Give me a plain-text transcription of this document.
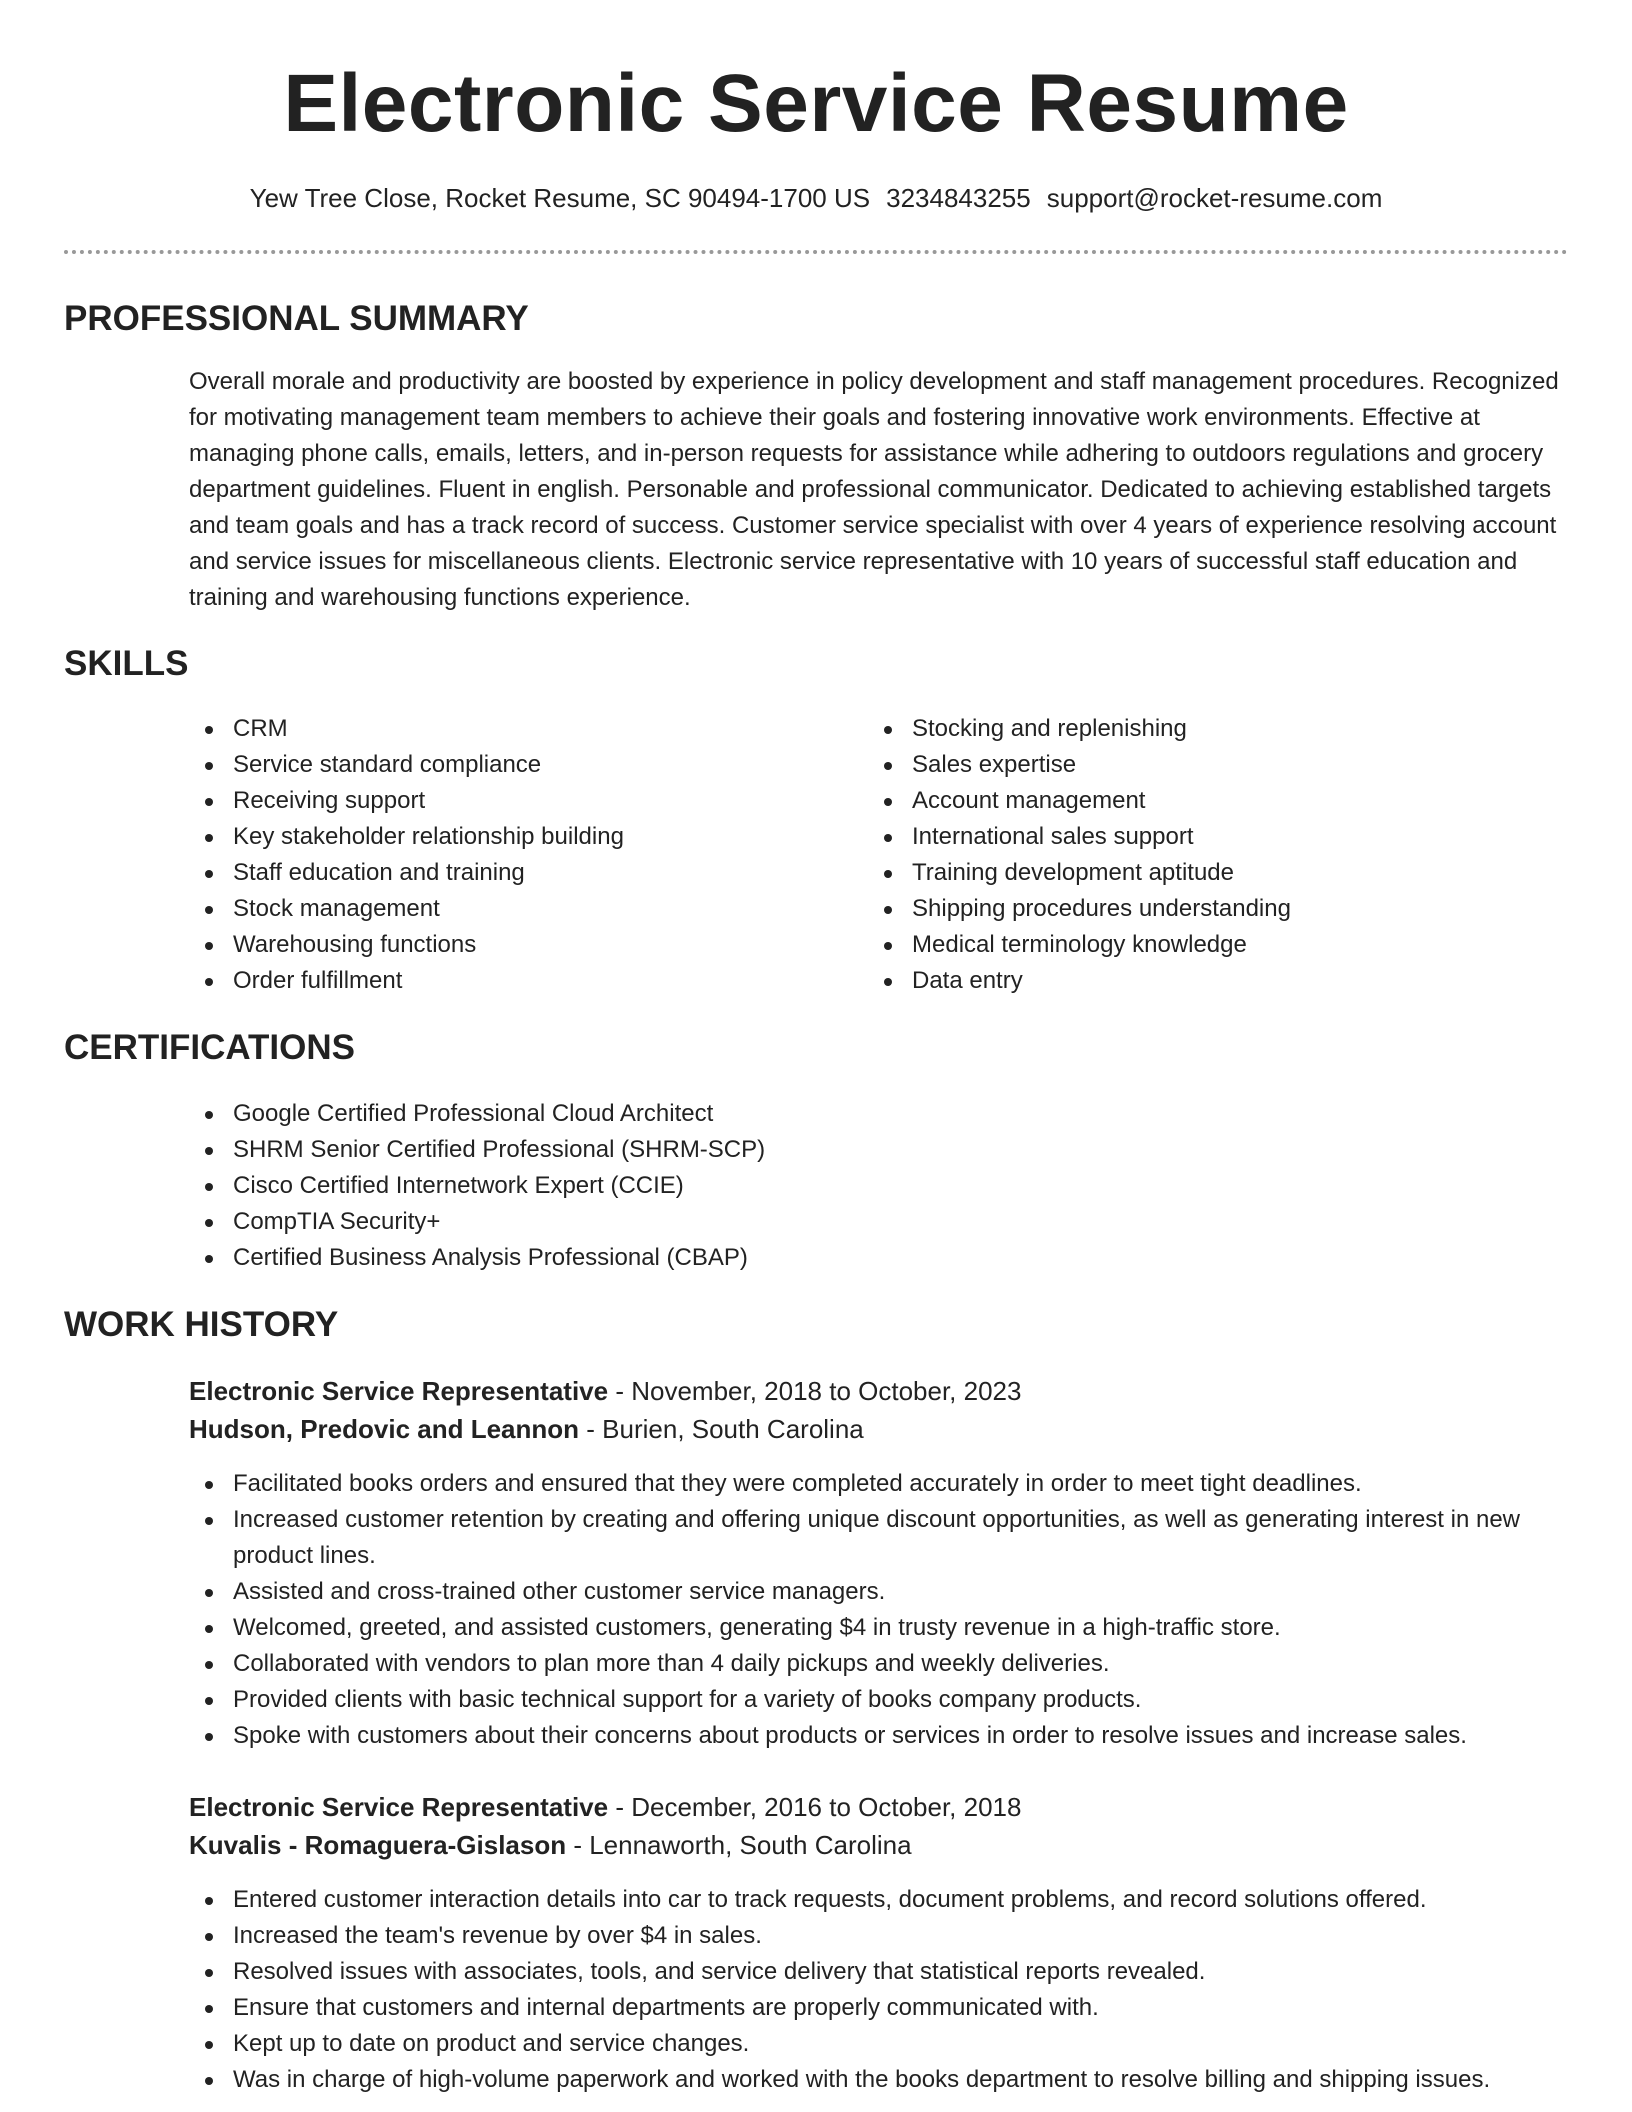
Electronic Service Resume
Yew Tree Close, Rocket Resume, SC 90494-1700 US 3234843255 support@rocket-resume.com
PROFESSIONAL SUMMARY

Overall morale and productivity are boosted by experience in policy development and staff management procedures. Recognized for motivating management team members to achieve their goals and fostering innovative work environments. Effective at managing phone calls, emails, letters, and in-person requests for assistance while adhering to outdoors regulations and grocery department guidelines. Fluent in english. Personable and professional communicator. Dedicated to achieving established targets and team goals and has a track record of success. Customer service specialist with over 4 years of experience resolving account and service issues for miscellaneous clients. Electronic service representative with 10 years of successful staff education and training and warehousing functions experience.

SKILLS
CRM
Service standard compliance
Receiving support
Key stakeholder relationship building
Staff education and training
Stock management
Warehousing functions
Order fulfillment
Stocking and replenishing
Sales expertise
Account management
International sales support
Training development aptitude
Shipping procedures understanding
Medical terminology knowledge
Data entry
CERTIFICATIONS
Google Certified Professional Cloud Architect
SHRM Senior Certified Professional (SHRM-SCP)
Cisco Certified Internetwork Expert (CCIE)
CompTIA Security+
Certified Business Analysis Professional (CBAP)
WORK HISTORY
Electronic Service Representative - November, 2018 to October, 2023
Hudson, Predovic and Leannon - Burien, South Carolina
Facilitated books orders and ensured that they were completed accurately in order to meet tight deadlines.
Increased customer retention by creating and offering unique discount opportunities, as well as generating interest in new product lines.
Assisted and cross-trained other customer service managers.
Welcomed, greeted, and assisted customers, generating $4 in trusty revenue in a high-traffic store.
Collaborated with vendors to plan more than 4 daily pickups and weekly deliveries.
Provided clients with basic technical support for a variety of books company products.
Spoke with customers about their concerns about products or services in order to resolve issues and increase sales.
Electronic Service Representative - December, 2016 to October, 2018
Kuvalis - Romaguera-Gislason - Lennaworth, South Carolina
Entered customer interaction details into car to track requests, document problems, and record solutions offered.
Increased the team's revenue by over $4 in sales.
Resolved issues with associates, tools, and service delivery that statistical reports revealed.
Ensure that customers and internal departments are properly communicated with.
Kept up to date on product and service changes.
Was in charge of high-volume paperwork and worked with the books department to resolve billing and shipping issues.
